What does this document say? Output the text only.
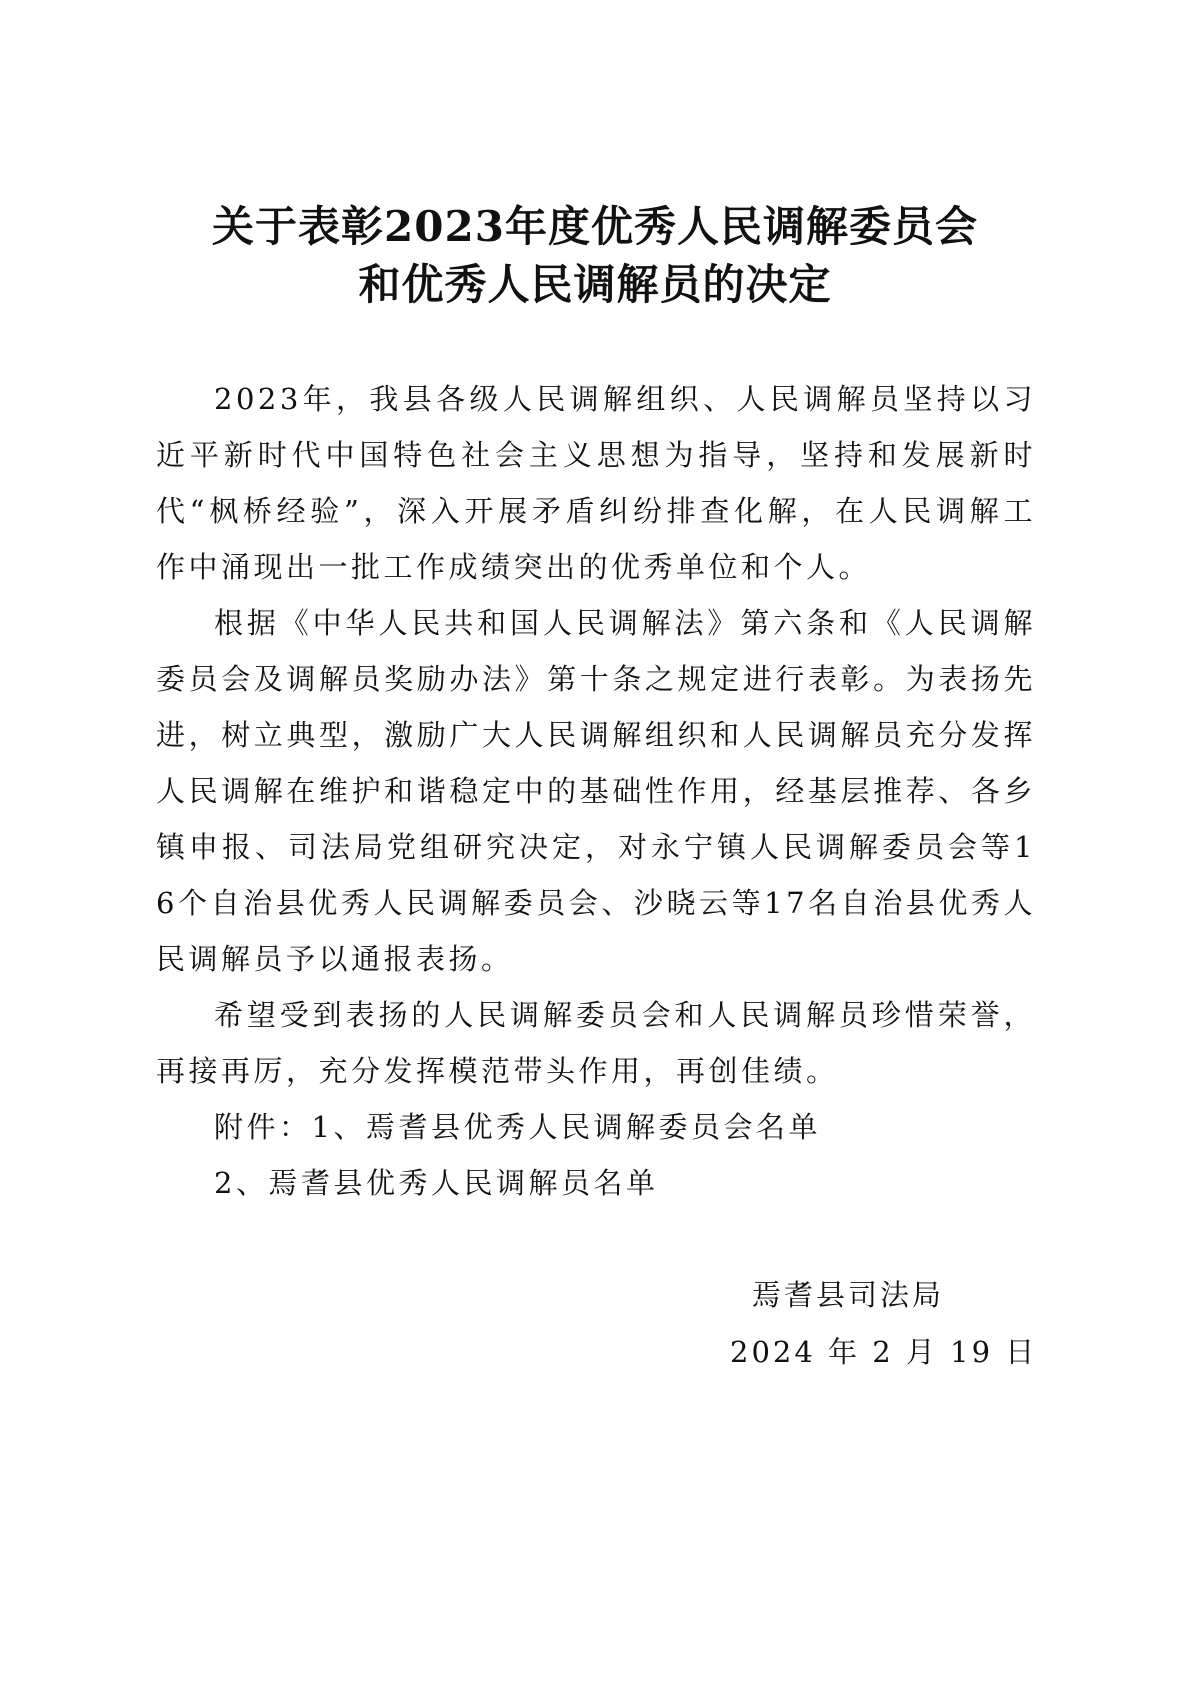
关于表彰2023年度优秀人民调解委员会
和优秀人民调解员的决定

2023年，我县各级人民调解组织、人民调解员坚持以习近平新时代中国特色社会主义思想为指导，坚持和发展新时代“枫桥经验”，深入开展矛盾纠纷排查化解，在人民调解工作中涌现出一批工作成绩突出的优秀单位和个人。

根据《中华人民共和国人民调解法》第六条和《人民调解委员会及调解员奖励办法》第十条之规定进行表彰。为表扬先进，树立典型，激励广大人民调解组织和人民调解员充分发挥人民调解在维护和谐稳定中的基础性作用，经基层推荐、各乡镇申报、司法局党组研究决定，对永宁镇人民调解委员会等16个自治县优秀人民调解委员会、沙晓云等17名自治县优秀人民调解员予以通报表扬。

希望受到表扬的人民调解委员会和人民调解员珍惜荣誉，再接再厉，充分发挥模范带头作用，再创佳绩。

附件：1、焉耆县优秀人民调解委员会名单

2、焉耆县优秀人民调解员名单

焉耆县司法局
2024 年 2 月 19 日
